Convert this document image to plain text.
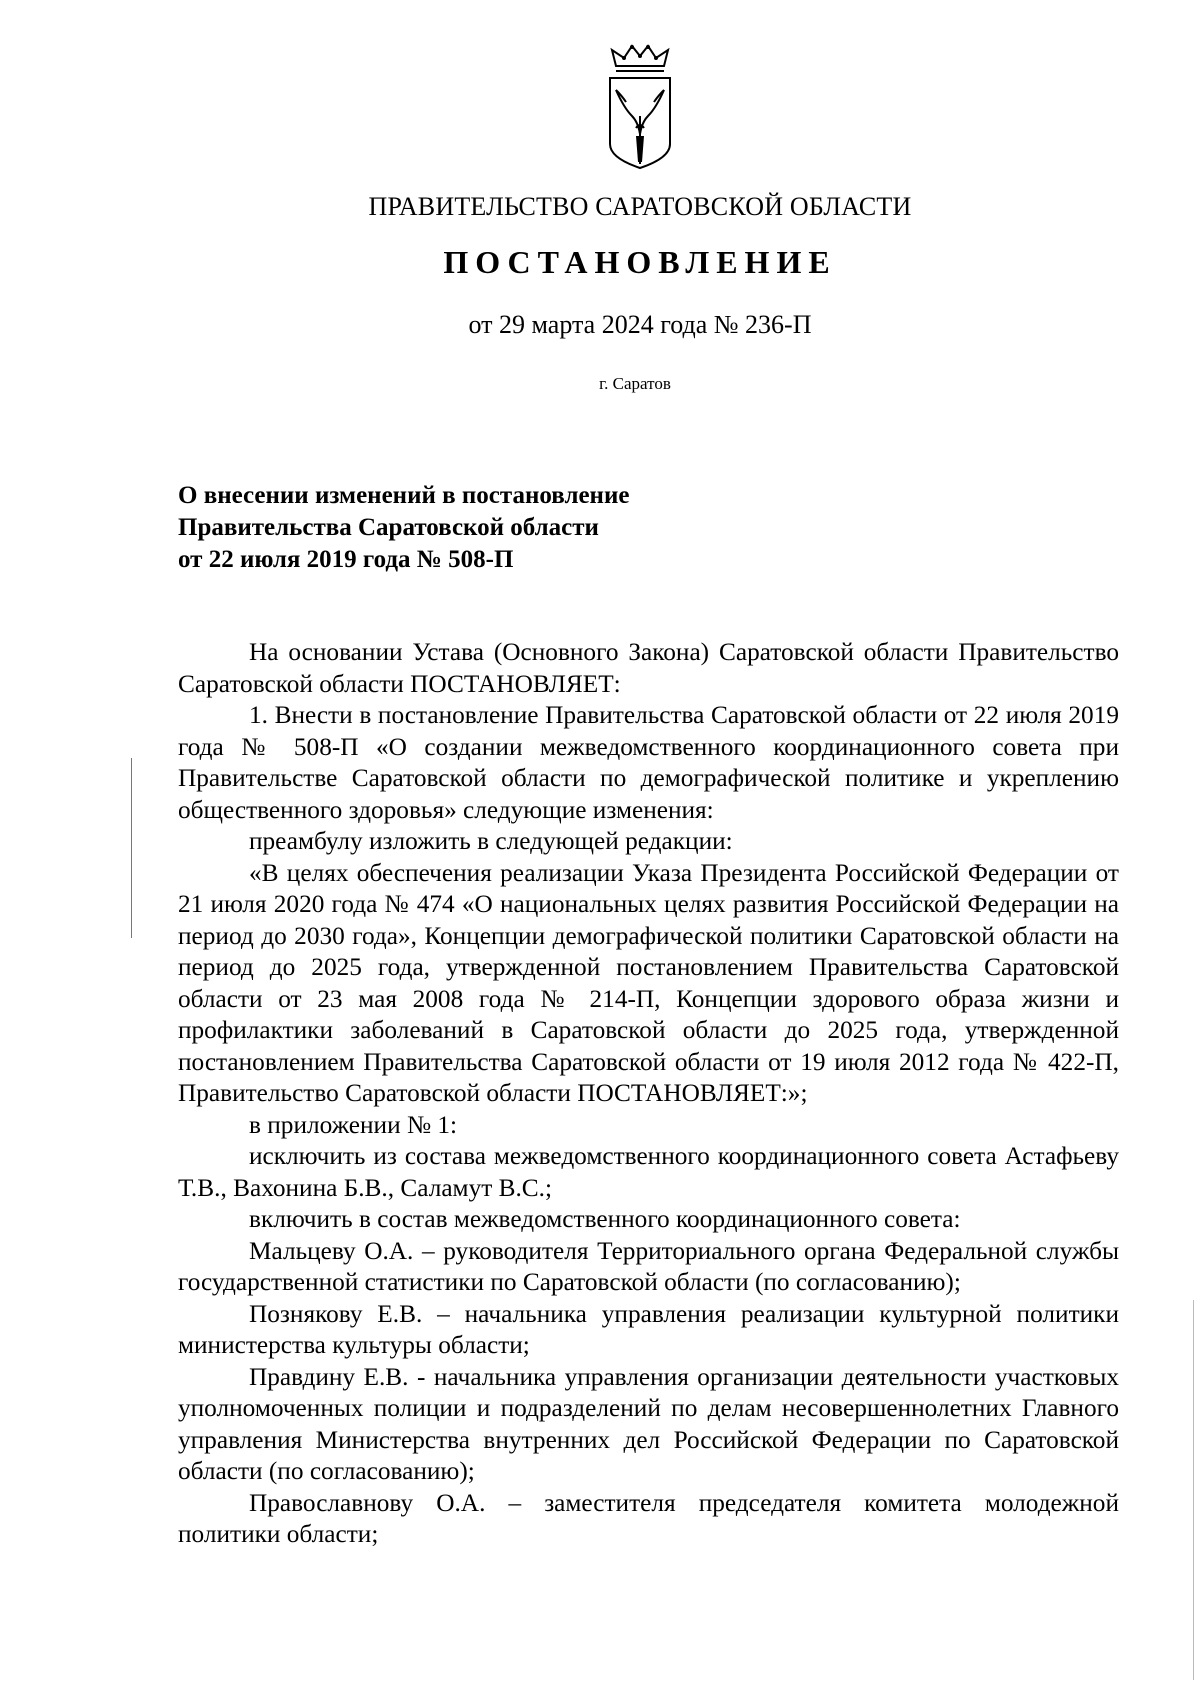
ПРАВИТЕЛЬСТВО САРАТОВСКОЙ ОБЛАСТИ
ПОСТАНОВЛЕНИЕ
от 29 марта 2024 года № 236-П
г. Саратов
О внесении изменений в постановление
Правительства Саратовской области
от 22 июля 2019 года № 508-П

На основании Устава (Основного Закона) Саратовской области Правительство Саратовской области ПОСТАНОВЛЯЕТ:

1. Внести в постановление Правительства Саратовской области от 22 июля 2019 года № 508-П «О создании межведомственного координационного совета при Правительстве Саратовской области по демографической политике и укреплению общественного здоровья» следующие изменения:

преамбулу изложить в следующей редакции:

«В целях обеспечения реализации Указа Президента Российской Федерации от 21 июля 2020 года № 474 «О национальных целях развития Российской Федерации на период до 2030 года», Концепции демографической политики Саратовской области на период до 2025 года, утвержденной постановлением Правительства Саратовской области от 23 мая 2008 года № 214-П, Концепции здорового образа жизни и профилактики заболеваний в Саратовской области до 2025 года, утвержденной постановлением Правительства Саратовской области от 19 июля 2012 года № 422-П, Правительство Саратовской области ПОСТАНОВЛЯЕТ:»;

в приложении № 1:

исключить из состава межведомственного координационного совета Астафьеву Т.В., Вахонина Б.В., Саламут В.С.;

включить в состав межведомственного координационного совета:

Мальцеву О.А. – руководителя Территориального органа Федеральной службы государственной статистики по Саратовской области (по согласованию);

Познякову Е.В. – начальника управления реализации культурной политики министерства культуры области;

Правдину Е.В. - начальника управления организации деятельности участковых уполномоченных полиции и подразделений по делам несовершеннолетних Главного управления Министерства внутренних дел Российской Федерации по Саратовской области (по согласованию);

Православнову О.А. – заместителя председателя комитета молодежной политики области;
